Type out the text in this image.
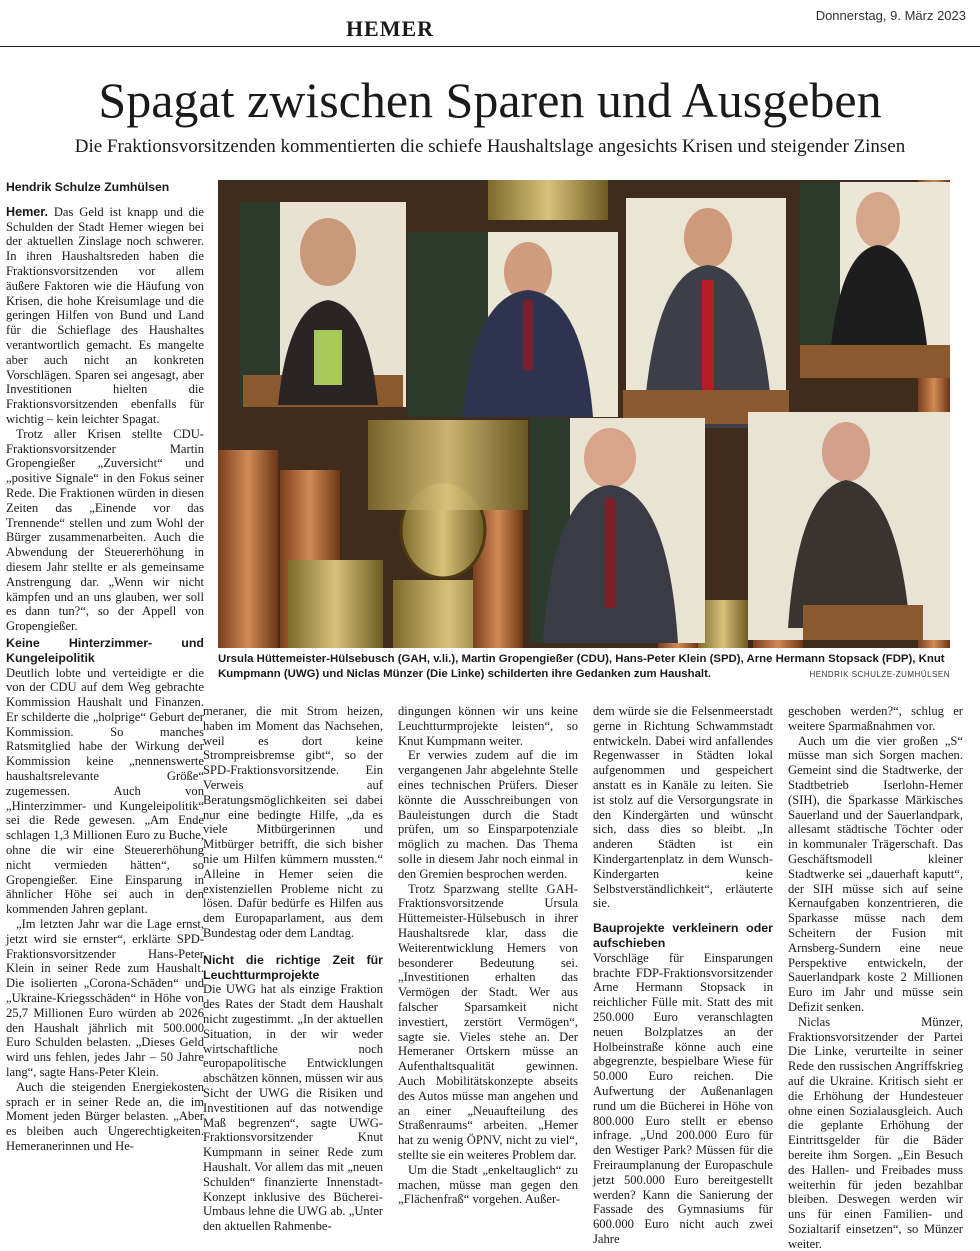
HEMER
Donnerstag, 9. März 2023
Spagat zwischen Sparen und Ausgeben
Die Fraktionsvorsitzenden kommentierten die schiefe Haushaltslage angesichts Krisen und steigender Zinsen
Ursula Hüttemeister-Hülsebusch (GAH, v.li.), Martin Gropengießer (CDU), Hans-Peter Klein (SPD), Arne Hermann Stopsack (FDP), Knut Kumpmann (UWG) und Niclas Münzer (Die Linke) schilderten ihre Gedanken zum Haushalt.	HENDRIK SCHULZE-ZUMHÜLSEN
Hendrik Schulze Zumhülsen

Hemer. Das Geld ist knapp und die Schulden der Stadt Hemer wiegen bei der aktuellen Zinslage noch schwerer. In ihren Haushaltsreden haben die Fraktionsvorsitzenden vor allem äußere Faktoren wie die Häufung von Krisen, die hohe Kreisumlage und die geringen Hilfen von Bund und Land für die Schieflage des Haushaltes verantwortlich gemacht. Es mangelte aber auch nicht an konkreten Vorschlägen. Sparen sei angesagt, aber Investitionen hielten die Fraktionsvorsitzenden ebenfalls für wichtig – kein leichter Spagat.

Trotz aller Krisen stellte CDU-Fraktionsvorsitzender Martin Gropengießer „Zuversicht“ und „positive Signale“ in den Fokus seiner Rede. Die Fraktionen würden in diesen Zeiten das „Einende vor das Trennende“ stellen und zum Wohl der Bürger zusammenarbeiten. Auch die Abwendung der Steuererhöhung in diesem Jahr stellte er als gemeinsame Anstrengung dar. „Wenn wir nicht kämpfen und an uns glauben, wer soll es dann tun?“, so der Appell von Gropengießer.

Keine Hinterzimmer- und Kungeleipolitik

Deutlich lobte und verteidigte er die von der CDU auf dem Weg gebrachte Kommission Haushalt und Finanzen. Er schilderte die „holprige“ Geburt der Kommission. So manches Ratsmitglied habe der Wirkung der Kommission keine „nennenswerte haushaltsrelevante Größe“ zugemessen. Auch von „Hinterzimmer- und Kungeleipolitik“ sei die Rede gewesen. „Am Ende schlagen 1,3 Millionen Euro zu Buche, ohne die wir eine Steuererhöhung nicht vermieden hätten“, so Gropengießer. Eine Einsparung in ähnlicher Höhe sei auch in den kommenden Jahren geplant.

„Im letzten Jahr war die Lage ernst, jetzt wird sie ernster“, erklärte SPD-Fraktionsvorsitzender Hans-Peter Klein in seiner Rede zum Haushalt. Die isolierten „Corona-Schäden“ und „Ukraine-Kriegsschäden“ in Höhe von 25,7 Millionen Euro würden ab 2026 den Haushalt jährlich mit 500.000 Euro Schulden belasten. „Dieses Geld wird uns fehlen, jedes Jahr – 50 Jahre lang“, sagte Hans-Peter Klein.

Auch die steigenden Energiekosten sprach er in seiner Rede an, die im Moment jeden Bürger belasten. „Aber es bleiben auch Ungerechtigkeiten. Hemeranerinnen und He-

meraner, die mit Strom heizen, haben im Moment das Nachsehen, weil es dort keine Strompreisbremse gibt“, so der SPD-Fraktionsvorsitzende. Ein Verweis auf Beratungsmöglichkeiten sei dabei nur eine bedingte Hilfe, „da es viele Mitbürgerinnen und Mitbürger betrifft, die sich bisher nie um Hilfen kümmern mussten.“ Alleine in Hemer seien die existenziellen Probleme nicht zu lösen. Dafür bedürfe es Hilfen aus dem Europaparlament, aus dem Bundestag oder dem Landtag.

Nicht die richtige Zeit für Leuchtturmprojekte

Die UWG hat als einzige Fraktion des Rates der Stadt dem Haushalt nicht zugestimmt. „In der aktuellen Situation, in der wir weder wirtschaftliche noch europapolitische Entwicklungen abschätzen können, müssen wir aus Sicht der UWG die Risiken und Investitionen auf das notwendige Maß begrenzen“, sagte UWG-Fraktionsvorsitzender Knut Kumpmann in seiner Rede zum Haushalt. Vor allem das mit „neuen Schulden“ finanzierte Innenstadt-Konzept inklusive des Bücherei-Umbaus lehne die UWG ab. „Unter den aktuellen Rahmenbe-

dingungen können wir uns keine Leuchtturmprojekte leisten“, so Knut Kumpmann weiter.

Er verwies zudem auf die im vergangenen Jahr abgelehnte Stelle eines technischen Prüfers. Dieser könnte die Ausschreibungen von Bauleistungen durch die Stadt prüfen, um so Einsparpotenziale möglich zu machen. Das Thema solle in diesem Jahr noch einmal in den Gremien besprochen werden.

Trotz Sparzwang stellte GAH-Fraktionsvorsitzende Ursula Hüttemeister-Hülsebusch in ihrer Haushaltsrede klar, dass die Weiterentwicklung Hemers von besonderer Bedeutung sei. „Investitionen erhalten das Vermögen der Stadt. Wer aus falscher Sparsamkeit nicht investiert, zerstört Vermögen“, sagte sie. Vieles stehe an. Der Hemeraner Ortskern müsse an Aufenthaltsqualität gewinnen. Auch Mobilitätskonzepte abseits des Autos müsse man angehen und an einer „Neuaufteilung des Straßenraums“ arbeiten. „Hemer hat zu wenig ÖPNV, nicht zu viel“, stellte sie ein weiteres Problem dar.

Um die Stadt „enkeltauglich“ zu machen, müsse man gegen den „Flächenfraß“ vorgehen. Außer-

dem würde sie die Felsenmeerstadt gerne in Richtung Schwammstadt entwickeln. Dabei wird anfallendes Regenwasser in Städten lokal aufgenommen und gespeichert anstatt es in Kanäle zu leiten. Sie ist stolz auf die Versorgungsrate in den Kindergärten und wünscht sich, dass dies so bleibt. „In anderen Städten ist ein Kindergartenplatz in dem Wunsch-Kindergarten keine Selbstverständlichkeit“, erläuterte sie.

Bauprojekte verkleinern oder aufschieben

Vorschläge für Einsparungen brachte FDP-Fraktionsvorsitzender Arne Hermann Stopsack in reichlicher Fülle mit. Statt des mit 250.000 Euro veranschlagten neuen Bolzplatzes an der Holbeinstraße könne auch eine abgegrenzte, bespielbare Wiese für 50.000 Euro reichen. Die Aufwertung der Außenanlagen rund um die Bücherei in Höhe von 800.000 Euro stellt er ebenso infrage. „Und 200.000 Euro für den Westiger Park? Müssen für die Freiraumplanung der Europaschule jetzt 500.000 Euro bereitgestellt werden? Kann die Sanierung der Fassade des Gymnasiums für 600.000 Euro nicht auch zwei Jahre

geschoben werden?“, schlug er weitere Sparmaßnahmen vor.

Auch um die vier großen „S“ müsse man sich Sorgen machen. Gemeint sind die Stadtwerke, der Stadtbetrieb Iserlohn-Hemer (SIH), die Sparkasse Märkisches Sauerland und der Sauerlandpark, allesamt städtische Töchter oder in kommunaler Trägerschaft. Das Geschäftsmodell kleiner Stadtwerke sei „dauerhaft kaputt“, der SIH müsse sich auf seine Kernaufgaben konzentrieren, die Sparkasse müsse nach dem Scheitern der Fusion mit Arnsberg-Sundern eine neue Perspektive entwickeln, der Sauerlandpark koste 2 Millionen Euro im Jahr und müsse sein Defizit senken.

Niclas Münzer, Fraktionsvorsitzender der Partei Die Linke, verurteilte in seiner Rede den russischen Angriffskrieg auf die Ukraine. Kritisch sieht er die Erhöhung der Hundesteuer ohne einen Sozialausgleich. Auch die geplante Erhöhung der Eintrittsgelder für die Bäder bereite ihm Sorgen. „Ein Besuch des Hallen- und Freibades muss weiterhin für jeden bezahlbar bleiben. Deswegen werden wir uns für einen Familien- und Sozialtarif einsetzen“, so Münzer weiter.
